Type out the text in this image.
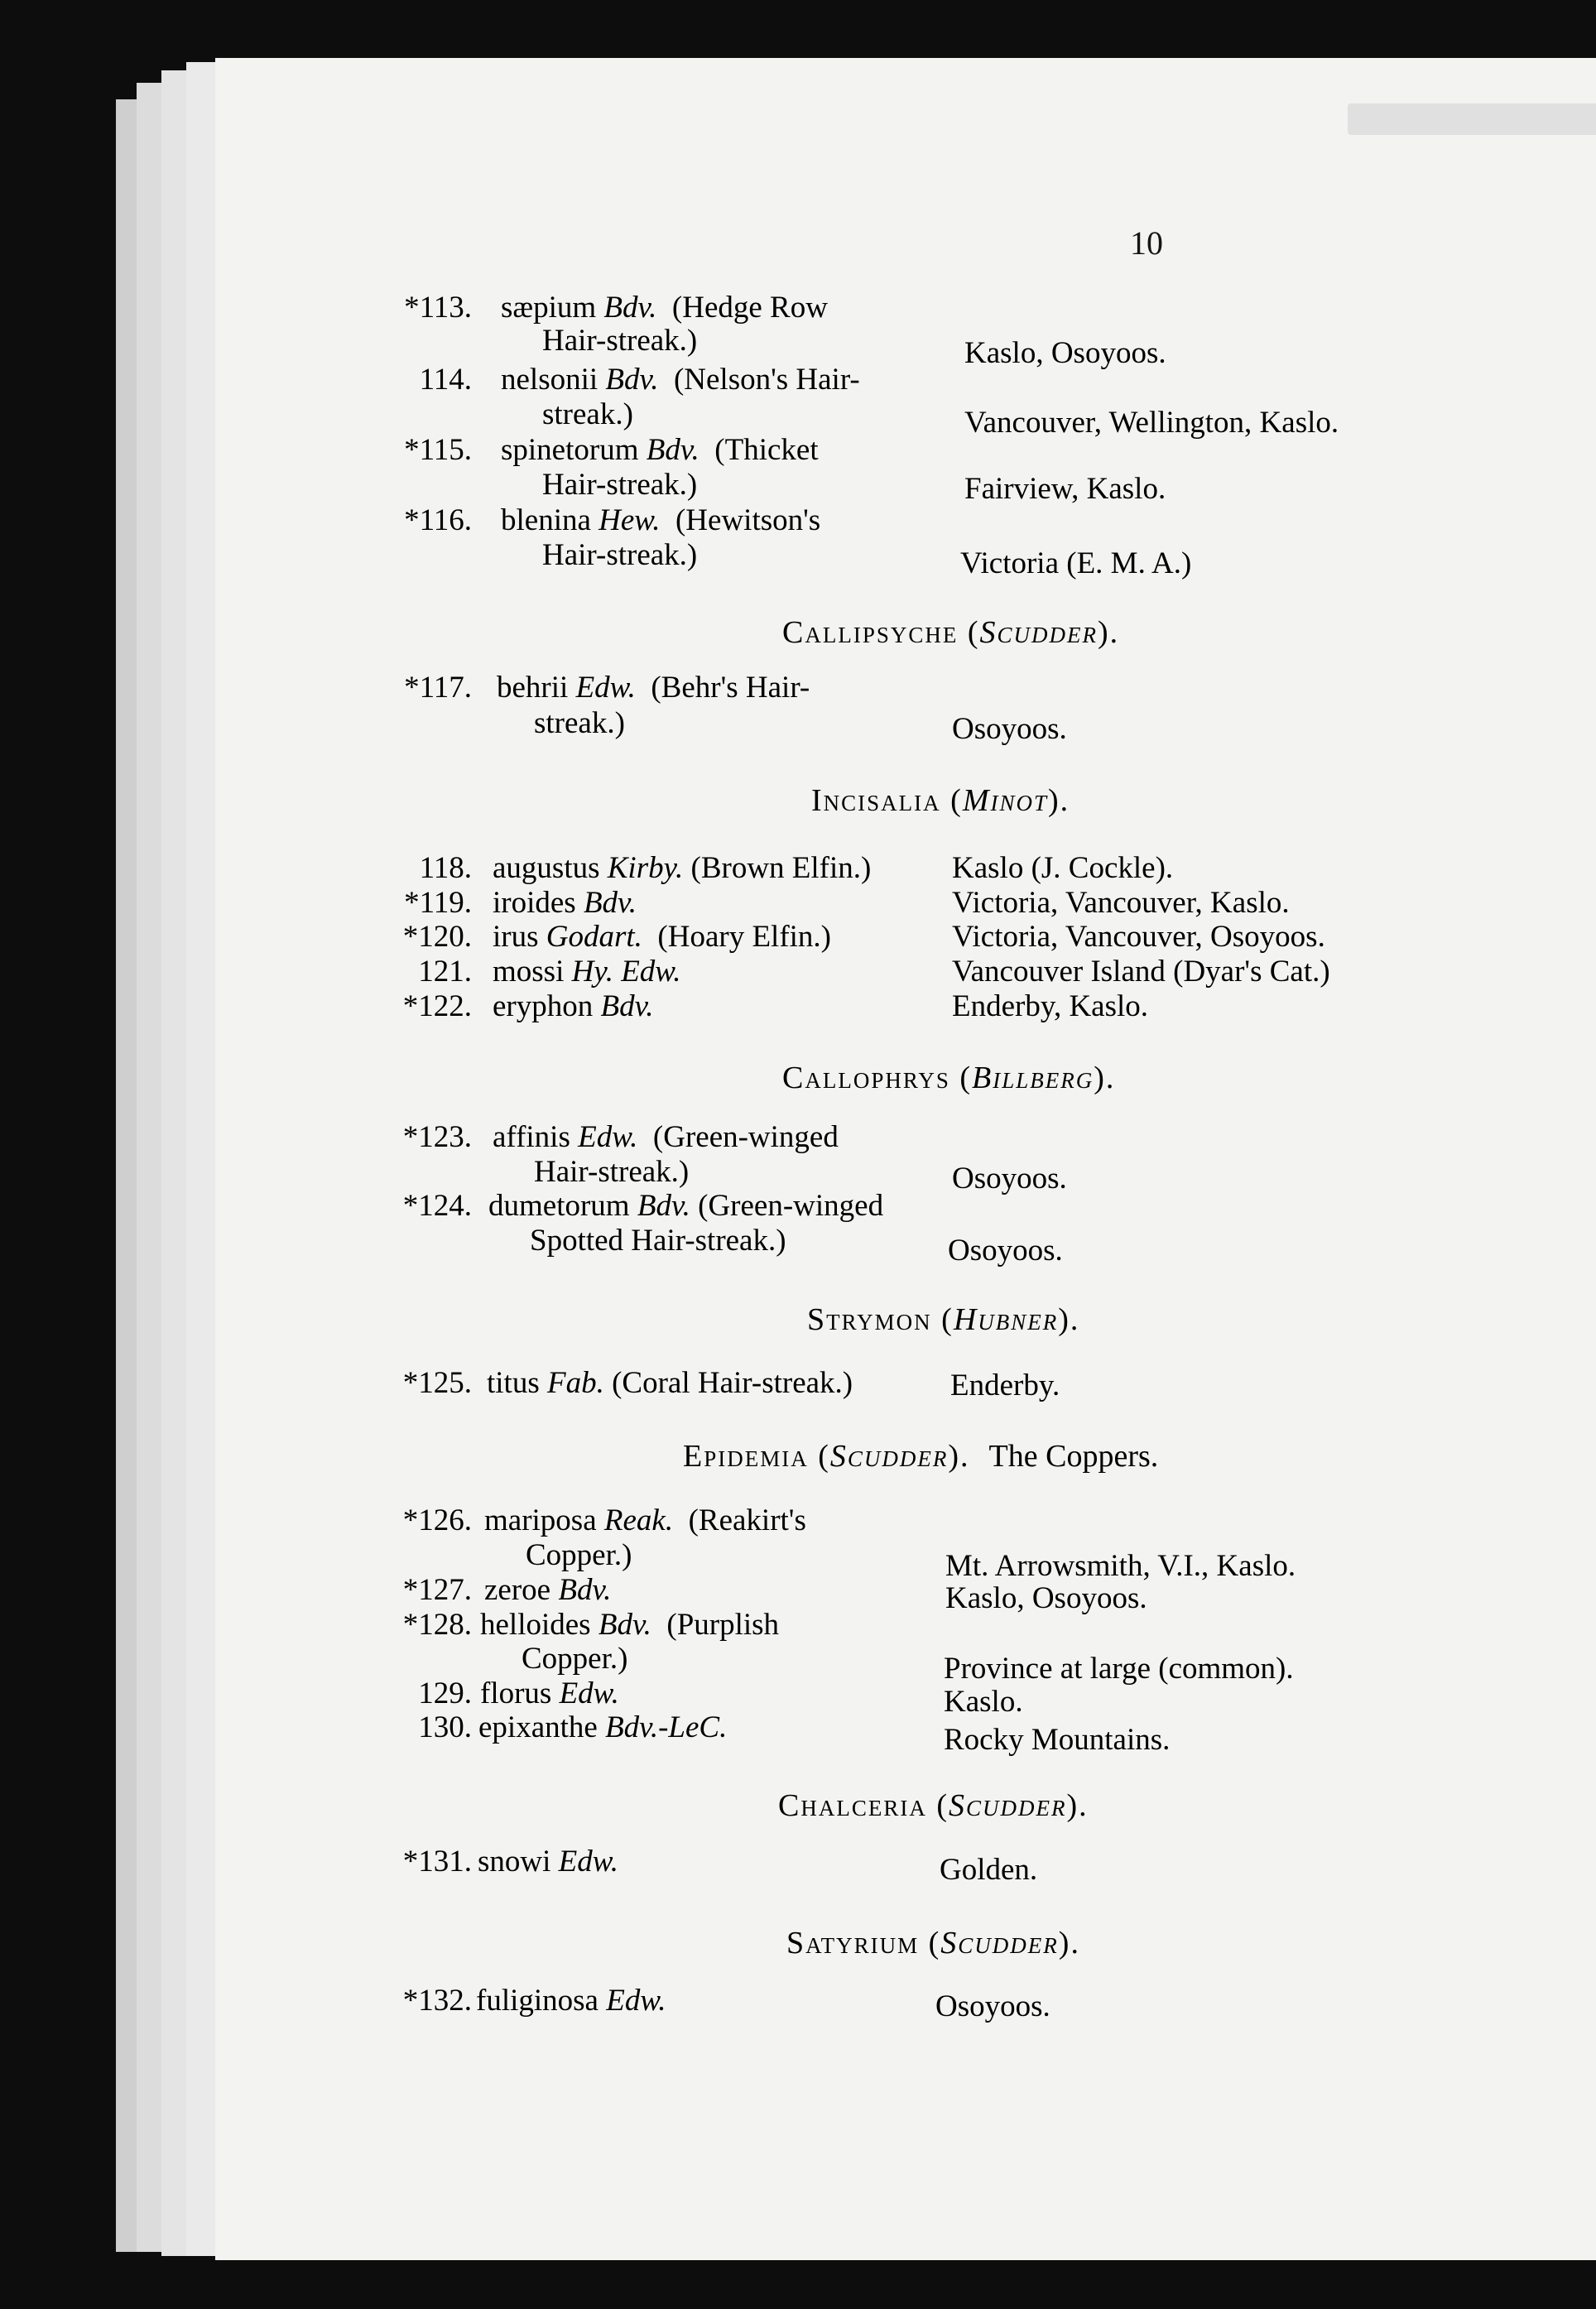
10
*113. sæpium Bdv. (Hedge Row
Hair-streak.)	Kaslo, Osoyoos.
114. nelsonii Bdv. (Nelson's Hair-
streak.)	Vancouver, Wellington, Kaslo.
*115. spinetorum Bdv. (Thicket
Hair-streak.)	Fairview, Kaslo.
*116. blenina Hew. (Hewitson's
Hair-streak.)	Victoria (E. M. A.)
Callipsyche (Scudder).
*117. behrii Edw. (Behr's Hair-
streak.)	Osoyoos.
Incisalia (Minot).
118. augustus Kirby. (Brown Elfin.)	Kaslo (J. Cockle).
*119. iroides Bdv.	Victoria, Vancouver, Kaslo.
*120. irus Godart. (Hoary Elfin.)	Victoria, Vancouver, Osoyoos.
121. mossi Hy. Edw.	Vancouver Island (Dyar's Cat.)
*122. eryphon Bdv.	Enderby, Kaslo.
Callophrys (Billberg).
*123. affinis Edw. (Green-winged
Hair-streak.)	Osoyoos.
*124. dumetorum Bdv. (Green-winged
Spotted Hair-streak.)	Osoyoos.
Strymon (Hubner).
*125. titus Fab. (Coral Hair-streak.)	Enderby.
Epidemia (Scudder).  The Coppers.
*126. mariposa Reak. (Reakirt's
Copper.)	Mt. Arrowsmith, V.I., Kaslo.
*127. zeroe Bdv.	Kaslo, Osoyoos.
*128. helloides Bdv. (Purplish
Copper.)	Province at large (common).
129. florus Edw.	Kaslo.
130. epixanthe Bdv.-LeC.	Rocky Mountains.
Chalceria (Scudder).
*131. snowi Edw.	Golden.
Satyrium (Scudder).
*132. fuliginosa Edw.	Osoyoos.
